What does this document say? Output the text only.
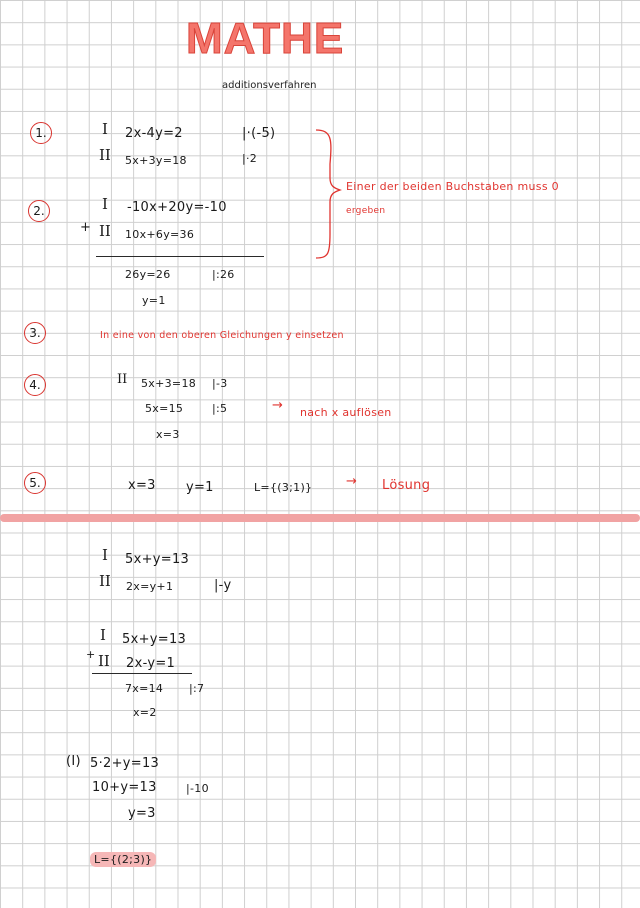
MATHE
additionsverfahren
1.	I 2x-4y=2	|·(-5)
II 5x+3y=18	|·2
Einer der beiden Buchstaben muss 0
ergeben
2.	I -10x+20y=-10
+ II 10x+6y=36
26y=26	|:26
y=1
3.	In eine von den oberen Gleichungen y einsetzen
4.	II 5x+3=18 |-3
5x=15	|:5	→ nach x auflösen
x=3
5.	x=3 y=1	L={(3;1)}	→ Lösung
I 5x+y=13
II 2x=y+1	|-y
I 5x+y=13
+ II 2x-y=1
7x=14 |:7
x=2
(I) 5·2+y=13
10+y=13	|-10
y=3
L={(2;3)}
